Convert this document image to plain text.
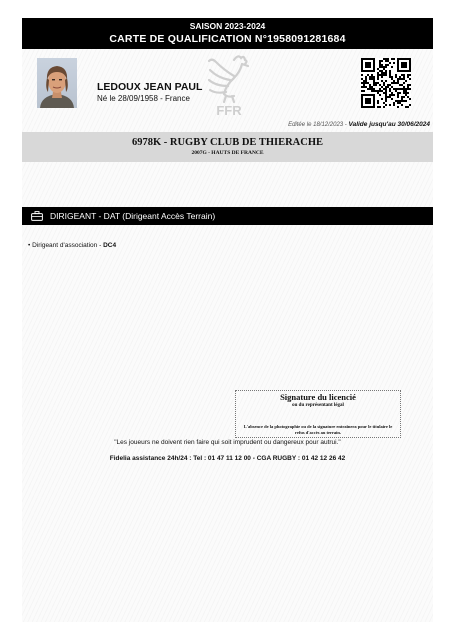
SAISON 2023-2024
CARTE DE QUALIFICATION N°1958091281684
LEDOUX JEAN PAUL
Né le 28/09/1958 - France
FFR
Editée le 18/12/2023 - Valide jusqu'au 30/06/2024
6978K - RUGBY CLUB DE THIERACHE
2007G - HAUTS DE FRANCE
DIRIGEANT - DAT (Dirigeant Accès Terrain)
• Dirigeant d'association - DC4
Signature du licencié
ou du représentant légal
L'absence de la photographie ou de la signature entraînera pour le titulaire le refus d'accès au terrain.
"Les joueurs ne doivent rien faire qui soit imprudent ou dangereux pour autrui."
Fidelia assistance 24h/24 : Tel : 01 47 11 12 00 - CGA RUGBY : 01 42 12 26 42
